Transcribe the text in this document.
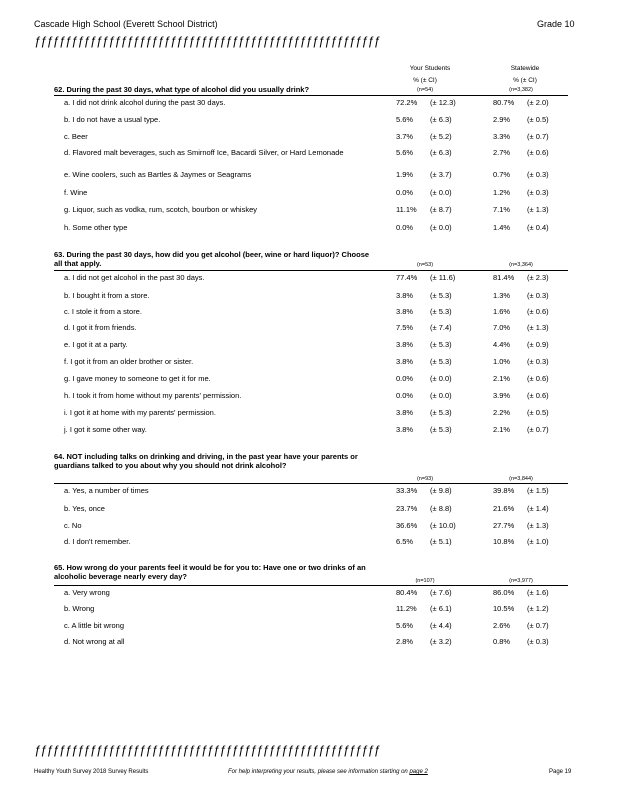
Cascade High School (Everett School District)	Grade 10
ƒƒƒƒƒƒƒƒƒƒƒƒƒƒƒƒƒƒƒƒƒƒƒƒƒƒƒƒƒƒƒƒƒƒƒƒƒƒƒƒƒƒƒƒƒƒƒƒƒƒƒƒƒƒƒƒ
Your Students	Statewide
% (± CI)	% (± CI)
62. During the past 30 days, what type of alcohol did you usually drink?	(n=54)	(n=3,382)
a. I did not drink alcohol during the past 30 days.	72.2%	(± 12.3)	80.7%	(± 2.0)
b. I do not have a usual type.	5.6%	(± 6.3)	2.9%	(± 0.5)
c. Beer	3.7%	(± 5.2)	3.3%	(± 0.7)
d. Flavored malt beverages, such as Smirnoff Ice, Bacardi Silver, or Hard Lemonade	5.6%	(± 6.3)	2.7%	(± 0.6)
e. Wine coolers, such as Bartles & Jaymes or Seagrams	1.9%	(± 3.7)	0.7%	(± 0.3)
f. Wine	0.0%	(± 0.0)	1.2%	(± 0.3)
g. Liquor, such as vodka, rum, scotch, bourbon or whiskey	11.1%	(± 8.7)	7.1%	(± 1.3)
h. Some other type	0.0%	(± 0.0)	1.4%	(± 0.4)
63. During the past 30 days, how did you get alcohol (beer, wine or hard liquor)? Choose all that apply.	(n=53)	(n=3,364)
a. I did not get alcohol in the past 30 days.	77.4%	(± 11.6)	81.4%	(± 2.3)
b. I bought it from a store.	3.8%	(± 5.3)	1.3%	(± 0.3)
c. I stole it from a store.	3.8%	(± 5.3)	1.6%	(± 0.6)
d. I got it from friends.	7.5%	(± 7.4)	7.0%	(± 1.3)
e. I got it at a party.	3.8%	(± 5.3)	4.4%	(± 0.9)
f. I got it from an older brother or sister.	3.8%	(± 5.3)	1.0%	(± 0.3)
g. I gave money to someone to get it for me.	0.0%	(± 0.0)	2.1%	(± 0.6)
h. I took it from home without my parents' permission.	0.0%	(± 0.0)	3.9%	(± 0.6)
i. I got it at home with my parents' permission.	3.8%	(± 5.3)	2.2%	(± 0.5)
j. I got it some other way.	3.8%	(± 5.3)	2.1%	(± 0.7)
64. NOT including talks on drinking and driving, in the past year have your parents or guardians talked to you about why you should not drink alcohol?
(n=93)	(n=3,844)
a. Yes, a number of times	33.3%	(± 9.8)	39.8%	(± 1.5)
b. Yes, once	23.7%	(± 8.8)	21.6%	(± 1.4)
c. No	36.6%	(± 10.0)	27.7%	(± 1.3)
d. I don't remember.	6.5%	(± 5.1)	10.8%	(± 1.0)
65. How wrong do your parents feel it would be for you to: Have one or two drinks of an alcoholic beverage nearly every day?	(n=107)	(n=3,977)
a. Very wrong	80.4%	(± 7.6)	86.0%	(± 1.6)
b. Wrong	11.2%	(± 6.1)	10.5%	(± 1.2)
c. A little bit wrong	5.6%	(± 4.4)	2.6%	(± 0.7)
d. Not wrong at all	2.8%	(± 3.2)	0.8%	(± 0.3)
ƒƒƒƒƒƒƒƒƒƒƒƒƒƒƒƒƒƒƒƒƒƒƒƒƒƒƒƒƒƒƒƒƒƒƒƒƒƒƒƒƒƒƒƒƒƒƒƒƒƒƒƒƒƒƒƒ
Healthy Youth Survey 2018 Survey Results	For help interpreting your results, please see information starting on page 2	Page 19
